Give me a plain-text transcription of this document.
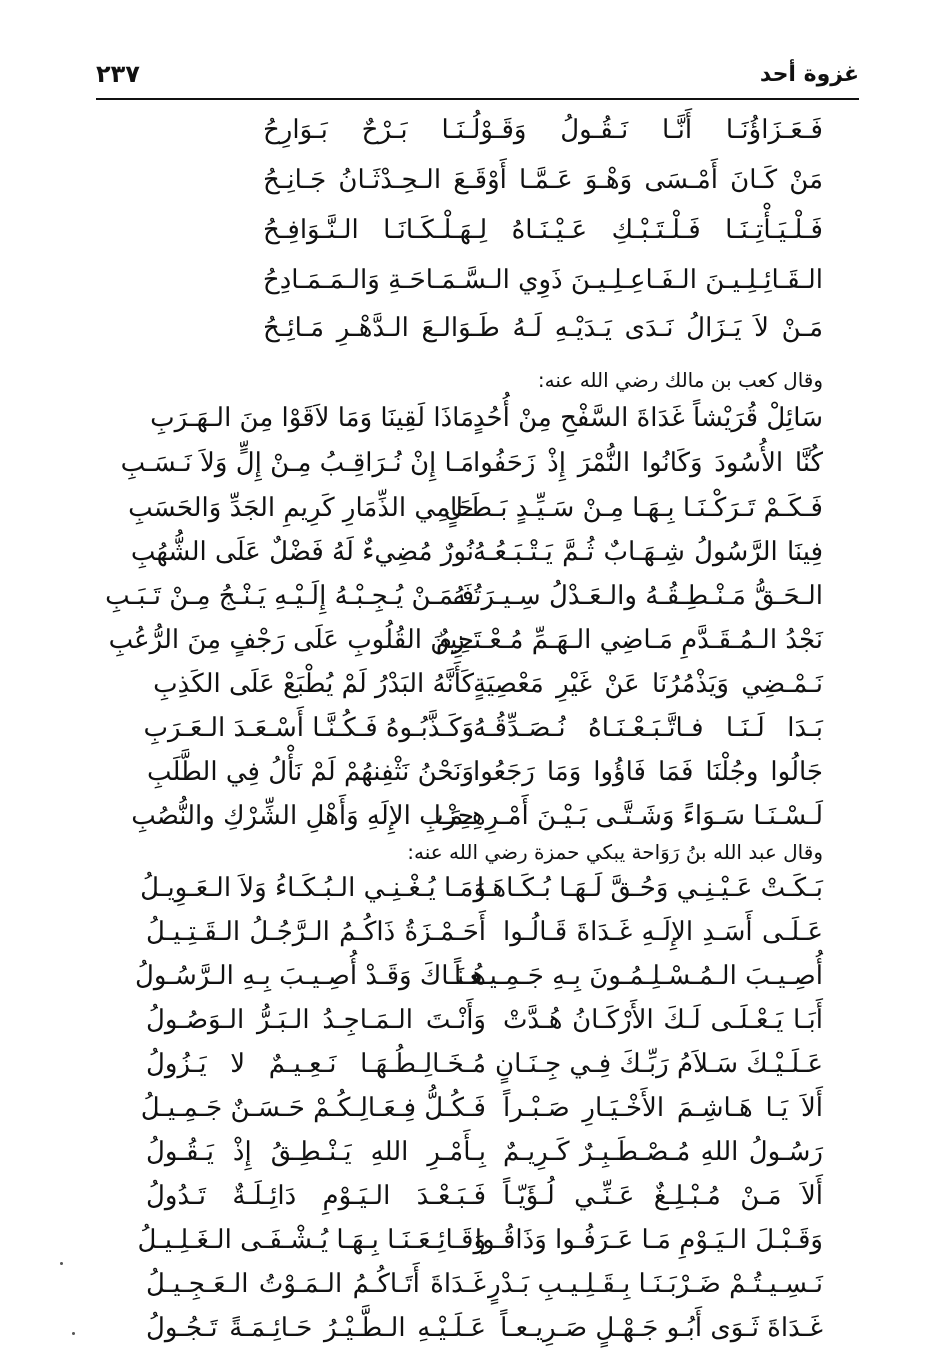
غزوة أحد
٢٣٧
فَـعَـزَاؤُنَـا أَنَّـا نَـقُـولُ وَقَـوْلُـنَـا بَـرْحٌ بَـوَارِحُ
مَنْ كَـانَ أَمْـسَى وَهْـوَ عَـمَّـا أَوْقَـعَ الـحِـدْثَـانُ جَـانِـحُ
فَـلْـيَـأْتِـنَـا فَـلْـتَـبْـكِ عَـيْـنَـاهُ لِـهَـلْـكَـانَـا الـنَّـوَافِـحُ
الـقَـائِـلِـيـنَ الـفَـاعِـلِـيـنَ ذَوِي الـسَّـمَـاحَـةِ وَالـمَـمَـادِحُ
مَـنْ لاَ يَـزَالُ نَـدَى يَـدَيْـهِ لَـهُ طَـوَالـعَ الـدَّهْـرِ مَـائِـحُ
وقال كعب بن مالك رضي الله عنه:
سَائِلْ قُرَيْشاً غَدَاةَ السَّفْحِ مِنْ أُحُدٍ
مَاذَا لَقِينَا وَمَا لاَقَوْا مِنَ الـهَـرَبِ
كُنَّا الأُسُودَ وَكَانُوا النُّمْرَ إِذْ زَحَفُوا
مَـا إِنْ نُـرَاقِـبُ مِـنْ إِلٍّ وَلاَ نَـسَـبِ
فَـكَـمْ تَـرَكْـنَـا بِـهَـا مِـنْ سَـيِّـدٍ بَـطَـلٍ
حَامِي الذِّمَارِ كَرِيمِ الجَدِّ وَالحَسَبِ
فِينَا الرَّسُولُ شِـهَـابٌ ثُـمَّ يَـتْـبَـعُـهُ
نُورٌ مُضِيءٌ لَهُ فَضْلٌ عَلَى الشُّهُبِ
الـحَـقُّ مَـنْـطِـقُـهُ والـعَـدْلُ سِـيـرَتُـهُ
فَـمَـنْ يُـجِـبْـهُ إِلَـيْـهِ يَـنْـجُ مِـنْ تَـبَـبِ
نَجْدُ الـمُـقَـدَّمِ مَـاضِي الـهَـمِّ مُـعْـتَـزِمٌ
حِينَ القُلُوبِ عَلَى رَجْفٍ مِنَ الرُّعُبِ
نَـمْـضِي وَيَذْمُرُنَا عَنْ غَيْرِ مَعْصِيَةٍ
كَأَنَّهُ البَدْرُ لَمْ يُطْبَعْ عَلَى الكَذِبِ
بَـدَا لَـنَـا فـاتَّـبَـعْـنَـاهُ نُـصَـدِّقُـهُ
وَكَـذَّبُـوهُ فَـكُـنَّـا أَسْـعَـدَ الـعَـرَبِ
جَالُوا وجُلْنَا فَمَا فَاؤُوا وَمَا رَجَعُوا
وَنَحْنُ نَثْفِنهُمْ لَمْ نَأْلُ فِي الطَّلَبِ
لَـسْـنَـا سَـوَاءً وَشَـتَّـى بَـيْـنَ أَمْـرِهِـمَـا
حِزْبِ الإِلَهِ وَأَهْلِ الشِّرْكِ والنُّصُبِ
وقال عبد الله بنُ رَوَاحة يبكي حمزة رضي الله عنه:
بَـكَـتْ عَـيْـنِـي وَحُـقَّ لَـهَـا بُـكَـاهَـا
وَمَـا يُـغْـنِـي الـبُـكَـاءُ وَلاَ الـعَـوِيـلُ
عَـلَـى أَسَـدِ الإِلَـهِ غَـدَاةَ قَـالُـوا
أَحَـمْـزَةُ ذَاكُـمُ الـرَّجُـلُ الـقَـتِـيـلُ
أُصِـيـبَ الـمُـسْـلِـمُـونَ بِـهِ جَـمِـيـعـاً
هُـنَـاكَ وَقَـدْ أُصِـيـبَ بِـهِ الـرَّسُـولُ
أَبَـا يَـعْـلَـى لَـكَ الأَرْكَـانُ هُـدَّتْ
وَأَنْـتَ الـمَـاجِـدُ الـبَـرُّ الـوَصُـولُ
عَـلَـيْـكَ سَـلاَمُ رَبِّـكَ فِـي جِـنَـانٍ
مُـخَـالِـطُـهَـا نَـعِـيـمٌ لا يَـزُولُ
أَلاَ يَـا هَـاشِـمَ الأَخْـيَـارِ صَـبْـراً
فَـكُـلُّ فِـعَـالِـكُـمْ حَـسَـنٌ جَـمِـيـلُ
رَسُـولُ اللهِ مُـصْـطَـبِـرٌ كَـرِيـمٌ
بِـأَمْـرِ اللهِ يَـنْـطِـقُ إِذْ يَـقُـولُ
أَلاَ مَـنْ مُـبْـلِـغٌ عَـنِّـي لُـؤَيّـاً
فَـبَـعْـدَ الـيَـوْمِ دَائِـلَـةٌ تَـدُولُ
وَقَـبْـلَ الـيَـوْمِ مَـا عَـرَفُـوا وَذَاقُـوا
وَقَـائِـعَـنَـا بِـهَـا يُـشْـفَـى الـغَـلِـيـلُ
نَـسِـيـتُـمْ ضَـرْبَـنَـا بِـقَـلِـيـبِ بَـدْرٍ
غَـدَاةَ أَتَـاكُـمُ الـمَـوْتُ الـعَـجِـيـلُ
غَـدَاةَ ثَـوَى أَبُـو جَـهْـلٍ صَـرِيـعـاً
عَـلَـيْـهِ الـطَّـيْـرُ حَـائِـمَـةً تَـجُـولُ
